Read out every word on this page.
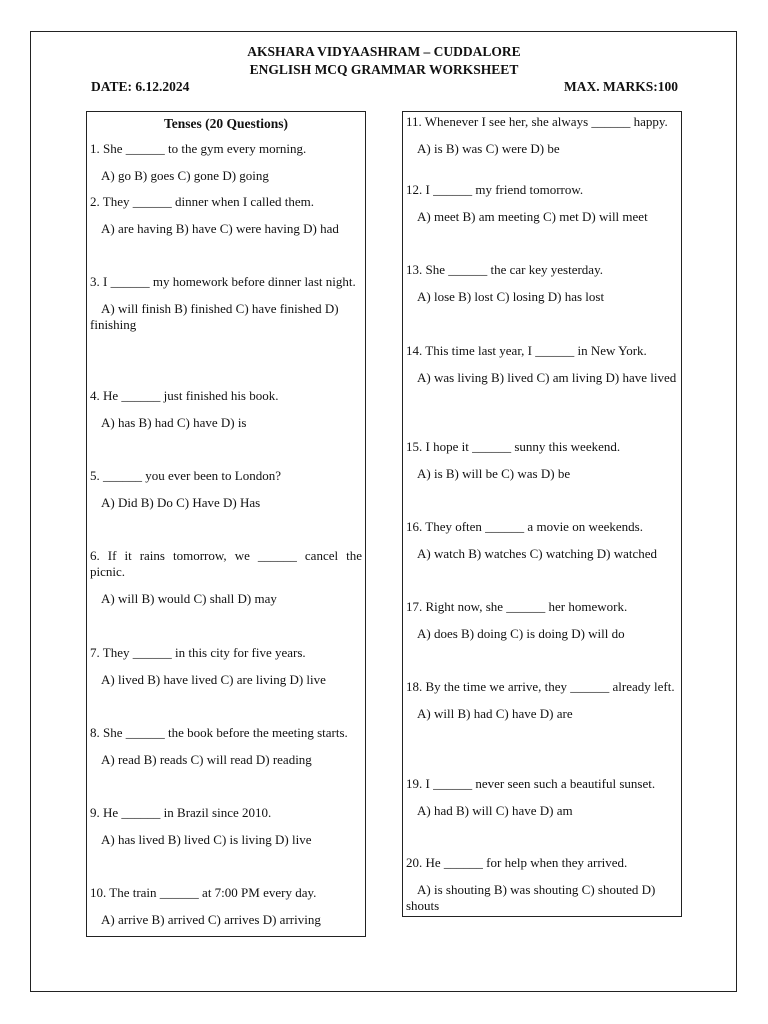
AKSHARA VIDYAASHRAM – CUDDALORE
ENGLISH MCQ GRAMMAR WORKSHEET
DATE: 6.12.2024	MAX. MARKS:100
Tenses (20 Questions)
1. She ______ to the gym every morning.
A) go B) goes C) gone D) going
2. They ______ dinner when I called them.
A) are having B) have C) were having D) had
3. I ______ my homework before dinner last night.
A) will finish B) finished C) have finished D) finishing
4. He ______ just finished his book.
A) has B) had C) have D) is
5. ______ you ever been to London?
A) Did B) Do C) Have D) Has
6. If it rains tomorrow, we ______ cancel the picnic.
A) will B) would C) shall D) may
7. They ______ in this city for five years.
A) lived B) have lived C) are living D) live
8. She ______ the book before the meeting starts.
A) read B) reads C) will read D) reading
9. He ______ in Brazil since 2010.
A) has lived B) lived C) is living D) live
10. The train ______ at 7:00 PM every day.
A) arrive B) arrived C) arrives D) arriving
11. Whenever I see her, she always ______ happy.
A) is B) was C) were D) be
12. I ______ my friend tomorrow.
A) meet B) am meeting C) met D) will meet
13. She ______ the car key yesterday.
A) lose B) lost C) losing D) has lost
14. This time last year, I ______ in New York.
A) was living B) lived C) am living D) have lived
15. I hope it ______ sunny this weekend.
A) is B) will be C) was D) be
16. They often ______ a movie on weekends.
A) watch B) watches C) watching D) watched
17. Right now, she ______ her homework.
A) does B) doing C) is doing D) will do
18. By the time we arrive, they ______ already left.
A) will B) had C) have D) are
19. I ______ never seen such a beautiful sunset.
A) had B) will C) have D) am
20. He ______ for help when they arrived.
A) is shouting B) was shouting C) shouted D) shouts
